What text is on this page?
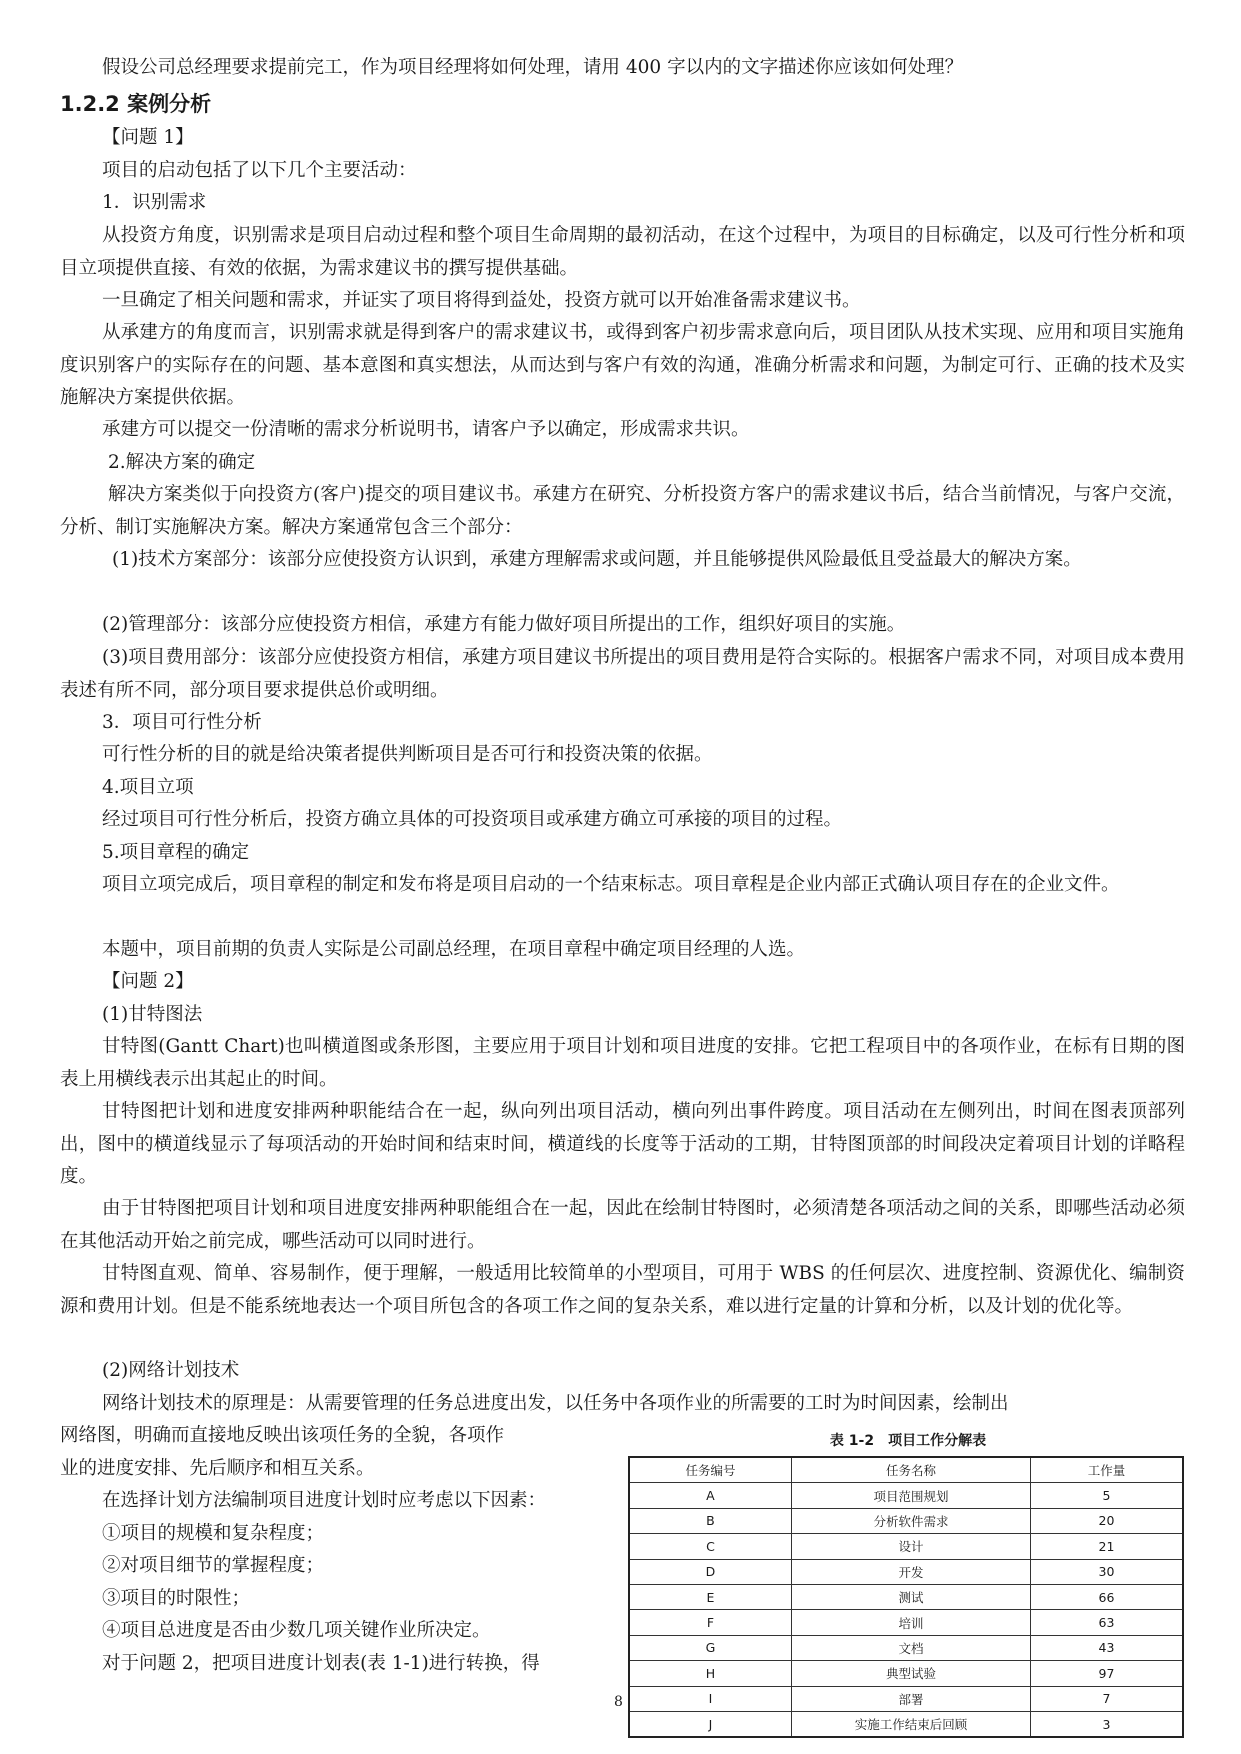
假设公司总经理要求提前完工，作为项目经理将如何处理，请用 400 字以内的文字描述你应该如何处理？

1.2.2 案例分析

【问题 1】

项目的启动包括了以下几个主要活动：

1．识别需求

从投资方角度，识别需求是项目启动过程和整个项目生命周期的最初活动，在这个过程中，为项目的目标确定，以及可行性分析和项目立项提供直接、有效的依据，为需求建议书的撰写提供基础。

一旦确定了相关问题和需求，并证实了项目将得到益处，投资方就可以开始准备需求建议书。

从承建方的角度而言，识别需求就是得到客户的需求建议书，或得到客户初步需求意向后，项目团队从技术实现、应用和项目实施角度识别客户的实际存在的问题、基本意图和真实想法，从而达到与客户有效的沟通，准确分析需求和问题，为制定可行、正确的技术及实施解决方案提供依据。

承建方可以提交一份清晰的需求分析说明书，请客户予以确定，形成需求共识。

2.解决方案的确定

解决方案类似于向投资方(客户)提交的项目建议书。承建方在研究、分析投资方客户的需求建议书后，结合当前情况，与客户交流，分析、制订实施解决方案。解决方案通常包含三个部分：

(1)技术方案部分：该部分应使投资方认识到，承建方理解需求或问题，并且能够提供风险最低且受益最大的解决方案。

(2)管理部分：该部分应使投资方相信，承建方有能力做好项目所提出的工作，组织好项目的实施。

(3)项目费用部分：该部分应使投资方相信，承建方项目建议书所提出的项目费用是符合实际的。根据客户需求不同，对项目成本费用表述有所不同，部分项目要求提供总价或明细。

3．项目可行性分析

可行性分析的目的就是给决策者提供判断项目是否可行和投资决策的依据。

4.项目立项

经过项目可行性分析后，投资方确立具体的可投资项目或承建方确立可承接的项目的过程。

5.项目章程的确定

项目立项完成后，项目章程的制定和发布将是项目启动的一个结束标志。项目章程是企业内部正式确认项目存在的企业文件。

本题中，项目前期的负责人实际是公司副总经理，在项目章程中确定项目经理的人选。

【问题 2】

(1)甘特图法

甘特图(Gantt Chart)也叫横道图或条形图，主要应用于项目计划和项目进度的安排。它把工程项目中的各项作业，在标有日期的图表上用横线表示出其起止的时间。

甘特图把计划和进度安排两种职能结合在一起，纵向列出项目活动，横向列出事件跨度。项目活动在左侧列出，时间在图表顶部列出，图中的横道线显示了每项活动的开始时间和结束时间，横道线的长度等于活动的工期，甘特图顶部的时间段决定着项目计划的详略程度。

由于甘特图把项目计划和项目进度安排两种职能组合在一起，因此在绘制甘特图时，必须清楚各项活动之间的关系，即哪些活动必须在其他活动开始之前完成，哪些活动可以同时进行。

甘特图直观、简单、容易制作，便于理解，一般适用比较简单的小型项目，可用于 WBS 的任何层次、进度控制、资源优化、编制资源和费用计划。但是不能系统地表达一个项目所包含的各项工作之间的复杂关系，难以进行定量的计算和分析，以及计划的优化等。

(2)网络计划技术

网络计划技术的原理是：从需要管理的任务总进度出发，以任务中各项作业的所需要的工时为时间因素，绘制出

网络图，明确而直接地反映出该项任务的全貌，各项作

业的进度安排、先后顺序和相互关系。

在选择计划方法编制项目进度计划时应考虑以下因素：

①项目的规模和复杂程度；

②对项目细节的掌握程度；

③项目的时限性；

④项目总进度是否由少数几项关键作业所决定。

对于问题 2，把项目进度计划表(表 1-1)进行转换，得

表 1-2　项目工作分解表
任务编号	任务名称	工作量
A	项目范围规划	5
B	分析软件需求	20
C	设计	21
D	开发	30
E	测试	66
F	培训	63
G	文档	43
H	典型试验	97
I	部署	7
J	实施工作结束后回顾	3
8
